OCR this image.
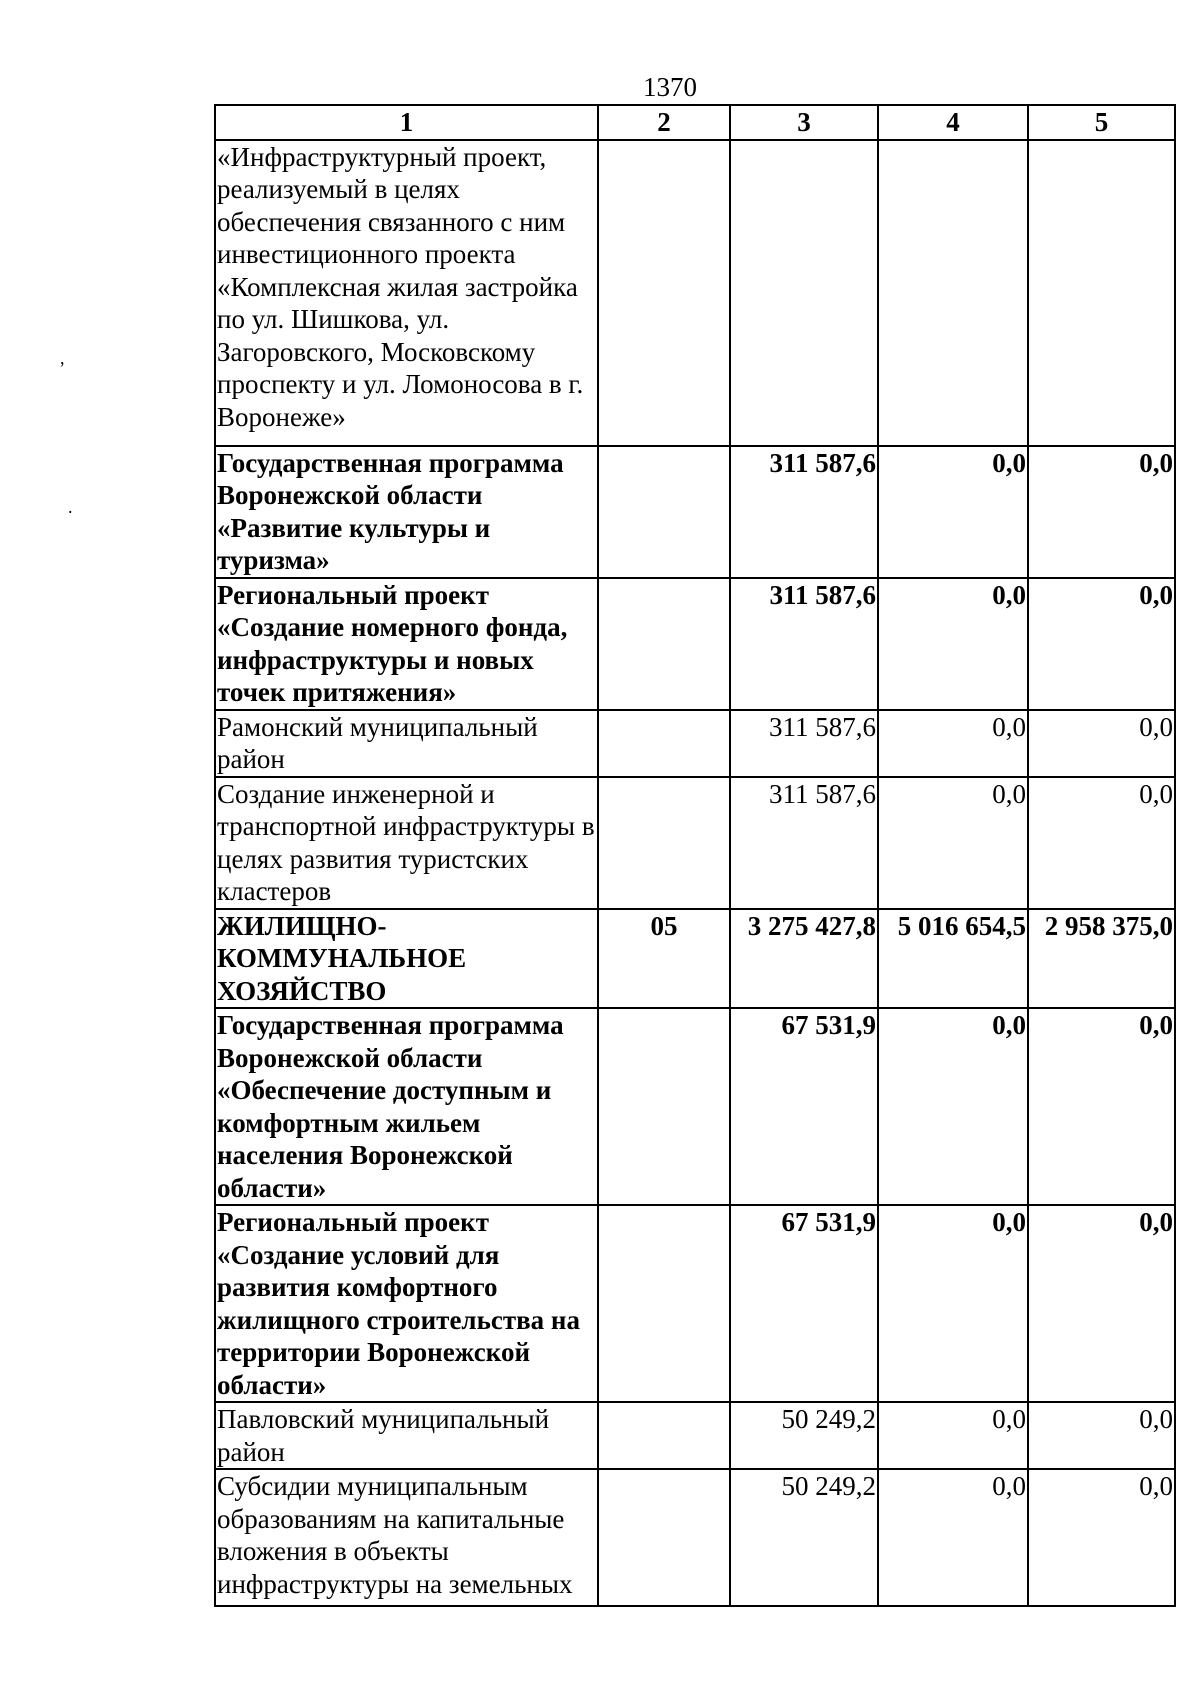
1370
1	2	3	4	5
«Инфраструктурный проект, реализуемый в целях обеспечения связанного с ним инвестиционного проекта «Комплексная жилая застройка по ул. Шишкова, ул. Загоровского, Московскому проспекту и ул. Ломоносова в г. Воронеже»				
Государственная программа Воронежской области «Развитие культуры и туризма»		311 587,6	0,0	0,0
Региональный проект «Создание номерного фонда, инфраструктуры и новых точек притяжения»		311 587,6	0,0	0,0
Рамонский муниципальный район		311 587,6	0,0	0,0
Создание инженерной и транспортной инфраструктуры в целях развития туристских кластеров		311 587,6	0,0	0,0
ЖИЛИЩНО-КОММУНАЛЬНОЕ ХОЗЯЙСТВО	05	3 275 427,8	5 016 654,5	2 958 375,0
Государственная программа Воронежской области «Обеспечение доступным и комфортным жильем населения Воронежской области»		67 531,9	0,0	0,0
Региональный проект «Создание условий для развития комфортного жилищного строительства на территории Воронежской области»		67 531,9	0,0	0,0
Павловский муниципальный район		50 249,2	0,0	0,0
Субсидии муниципальным образованиям на капитальные вложения в объекты инфраструктуры на земельных		50 249,2	0,0	0,0
,
.
